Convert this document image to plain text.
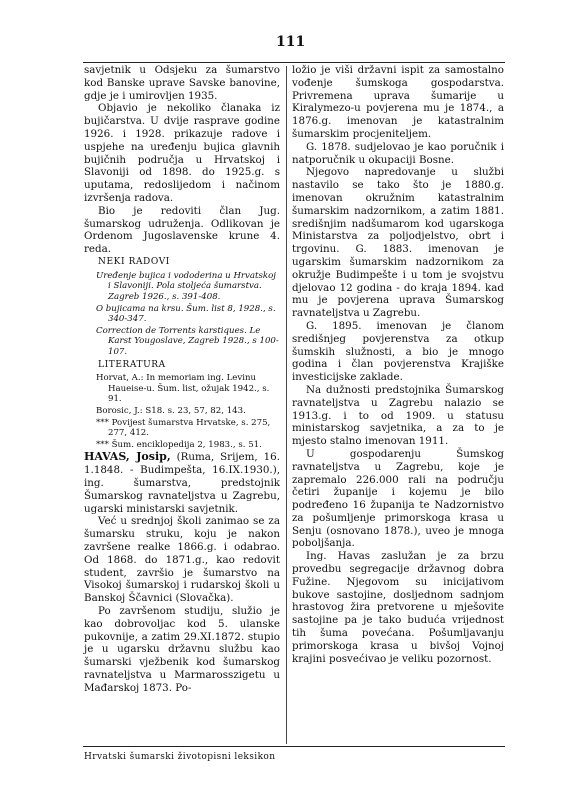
111

savjetnik u Odsjeku za šumarstvo kod Banske uprave Savske banovine, gdje je i umirovljen 1935.

Objavio je nekoliko članaka iz bujičarstva. U dvije rasprave godine 1926. i 1928. prikazuje radove i uspjehe na uređenju bujica glavnih bujičnih područja u Hrvatskoj i Slavoniji od 1898. do 1925.g. s uputama, redoslijedom i načinom izvršenja radova.

Bio je redoviti član Jug. šumarskog udruženja. Odlikovan je Ordenom Jugoslavenske krune 4. reda.

NEKI RADOVI

Uređenje bujica i vododerina u Hrvatskoj i Slavoniji. Pola stoljeća šumarstva. Zagreb 1926., s. 391-408.
O bujicama na krsu. Šum. list 8, 1928., s. 340-347.
Correction de Torrents karstiques. Le Karst Yougoslave, Zagreb 1928., s 100-107.

LITERATURA

Horvat, A.: In memoriam ing. Levinu Haueise-u. Šum. list, ožujak 1942., s. 91.
Borosic, J.: S18. s. 23, 57, 82, 143.
*** Povijest šumarstva Hrvatske, s. 275, 277, 412.
*** Šum. enciklopedija 2, 1983., s. 51.

HAVAS, Josip, (Ruma, Srijem, 16. 1.1848. - Budimpešta, 16.IX.1930.), ing. šumarstva, predstojnik Šumarskog ravnateljstva u Zagrebu, ugarski ministarski savjetnik.

Već u srednjoj školi zanimao se za šumarsku struku, koju je nakon završene realke 1866.g. i odabrao. Od 1868. do 1871.g., kao redovit student, završio je šumarstvo na Visokoj šumarskoj i rudarskoj školi u Banskoj Ščavnici (Slovačka).

Po završenom studiju, služio je kao dobrovoljac kod 5. ulanske pukovnije, a zatim 29.XI.1872. stupio je u ugarsku državnu službu kao šumarski vježbenik kod šumarskog ravnateljstva u Marmarosszigetu u Mađarskoj 1873. Po-

ložio je viši državni ispit za samostalno vođenje šumskoga gospodarstva. Privremena uprava šumarije u Kiralymezo-u povjerena mu je 1874., a 1876.g. imenovan je katastralnim šumarskim procjeniteljem.

G. 1878. sudjelovao je kao poručnik i natporučnik u okupaciji Bosne.

Njegovo napredovanje u službi nastavilo se tako što je 1880.g. imenovan okružnim katastralnim šumarskim nadzornikom, a zatim 1881. središnjim nadšumarom kod ugarskoga Ministarstva za poljodjelstvo, obrt i trgovinu. G. 1883. imenovan je ugarskim šumarskim nadzornikom za okružje Budimpešte i u tom je svojstvu djelovao 12 godina - do kraja 1894. kad mu je povjerena uprava Šumarskog ravnateljstva u Zagrebu.

G. 1895. imenovan je članom središnjeg povjerenstva za otkup šumskih služnosti, a bio je mnogo godina i član povjerenstva Krajiške investicijske zaklade.

Na dužnosti predstojnika Šumarskog ravnateljstva u Zagrebu nalazio se 1913.g. i to od 1909. u statusu ministarskog savjetnika, a za to je mjesto stalno imenovan 1911.

U gospodarenju Šumskog ravnateljstva u Zagrebu, koje je zapremalo 226.000 rali na području četiri županije i kojemu je bilo podređeno 16 županija te Nadzornistvo za pošumljenje primorskoga krasa u Senju (osnovano 1878.), uveo je mnoga poboljšanja.

Ing. Havas zaslužan je za brzu provedbu segregacije državnog dobra Fužine. Njegovom su inicijativom bukove sastojine, dosljednom sadnjom hrastovog žira pretvorene u mješovite sastojine pa je tako buduća vrijednost tih šuma povećana. Pošumljavanju primorskoga krasa u bivšoj Vojnoj krajini posvećivao je veliku pozornost.

Hrvatski šumarski životopisni leksikon
